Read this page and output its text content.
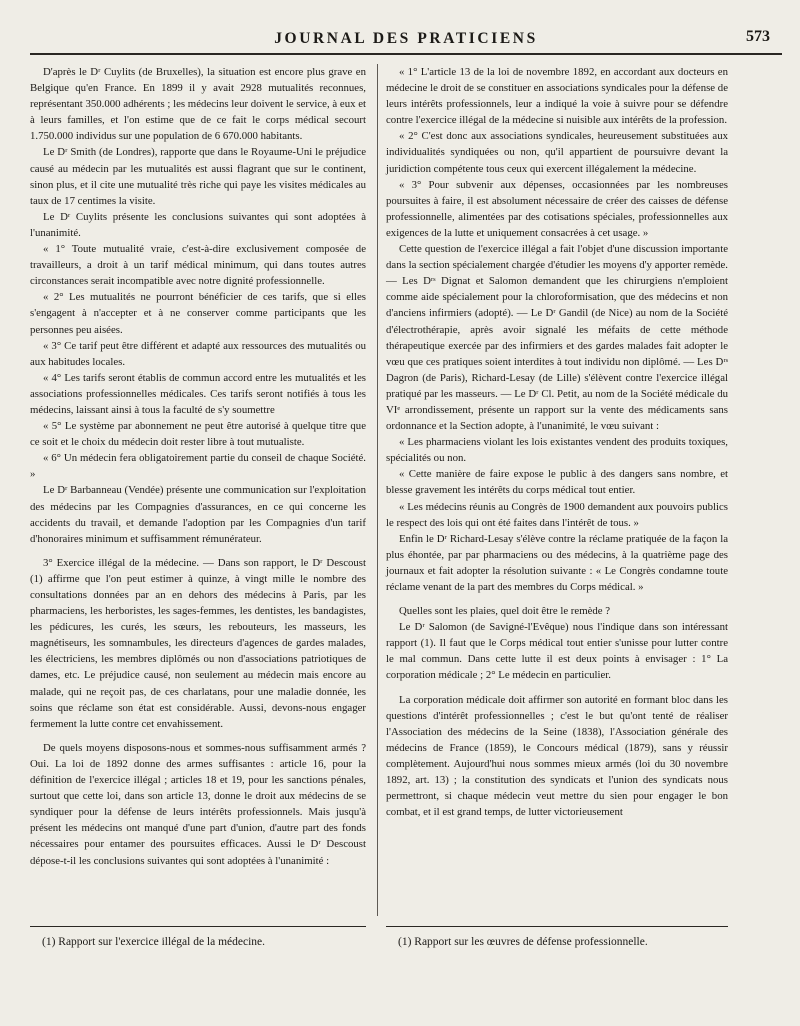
JOURNAL DES PRATICIENS	573

D'après le Dʳ Cuylits (de Bruxelles), la situation est encore plus grave en Belgique qu'en France. En 1899 il y avait 2928 mutualités reconnues, représentant 350.000 adhérents ; les médecins leur doivent le service, à eux et à leurs familles, et l'on estime que de ce fait le corps médical secourt 1.750.000 individus sur une population de 6 670.000 habitants.

Le Dʳ Smith (de Londres), rapporte que dans le Royaume-Uni le préjudice causé au médecin par les mutualités est aussi flagrant que sur le continent, sinon plus, et il cite une mutualité très riche qui paye les visites médicales au taux de 17 centimes la visite.

Le Dʳ Cuylits présente les conclusions suivantes qui sont adoptées à l'unanimité.

« 1° Toute mutualité vraie, c'est-à-dire exclusivement composée de travailleurs, a droit à un tarif médical minimum, qui dans toutes autres circonstances serait incompatible avec notre dignité professionnelle.

« 2° Les mutualités ne pourront bénéficier de ces tarifs, que si elles s'engagent à n'accepter et à ne conserver comme participants que les personnes peu aisées.

« 3° Ce tarif peut être différent et adapté aux ressources des mutualités ou aux habitudes locales.

« 4° Les tarifs seront établis de commun accord entre les mutualités et les associations professionnelles médicales. Ces tarifs seront notifiés à tous les médecins, laissant ainsi à tous la faculté de s'y soumettre

« 5° Le système par abonnement ne peut être autorisé à quelque titre que ce soit et le choix du médecin doit rester libre à tout mutualiste.

« 6° Un médecin fera obligatoirement partie du conseil de chaque Société. »

Le Dʳ Barbanneau (Vendée) présente une communication sur l'exploitation des médecins par les Compagnies d'assurances, en ce qui concerne les accidents du travail, et demande l'adoption par les Compagnies d'un tarif d'honoraires minimum et suffisamment rémunérateur.

3° Exercice illégal de la médecine. — Dans son rapport, le Dʳ Descoust (1) affirme que l'on peut estimer à quinze, à vingt mille le nombre des consultations données par an en dehors des médecins à Paris, par les pharmaciens, les herboristes, les sages-femmes, les dentistes, les bandagistes, les pédicures, les curés, les sœurs, les rebouteurs, les masseurs, les magnétiseurs, les somnambules, les directeurs d'agences de gardes malades, les électriciens, les membres diplômés ou non d'associations patriotiques de dames, etc. Le préjudice causé, non seulement au médecin mais encore au malade, qui ne reçoit pas, de ces charlatans, pour une maladie donnée, les soins que réclame son état est considérable. Aussi, devons-nous engager fermement la lutte contre cet envahissement.

De quels moyens disposons-nous et sommes-nous suffisamment armés ? Oui. La loi de 1892 donne des armes suffisantes : article 16, pour la définition de l'exercice illégal ; articles 18 et 19, pour les sanctions pénales, surtout que cette loi, dans son article 13, donne le droit aux médecins de se syndiquer pour la défense de leurs intérêts professionnels. Mais jusqu'à présent les médecins ont manqué d'une part d'union, d'autre part des fonds nécessaires pour entamer des poursuites efficaces. Aussi le Dʳ Descoust dépose-t-il les conclusions suivantes qui sont adoptées à l'unanimité :

« 1° L'article 13 de la loi de novembre 1892, en accordant aux docteurs en médecine le droit de se constituer en associations syndicales pour la défense de leurs intérêts professionnels, leur a indiqué la voie à suivre pour se défendre contre l'exercice illégal de la médecine si nuisible aux intérêts de la profession.

« 2° C'est donc aux associations syndicales, heureusement substituées aux individualités syndiquées ou non, qu'il appartient de poursuivre devant la juridiction compétente tous ceux qui exercent illégalement la médecine.

« 3° Pour subvenir aux dépenses, occasionnées par les nombreuses poursuites à faire, il est absolument nécessaire de créer des caisses de défense professionnelle, alimentées par des cotisations spéciales, professionnelles aux exigences de la lutte et uniquement consacrées à cet usage. »

Cette question de l'exercice illégal a fait l'objet d'une discussion importante dans la section spécialement chargée d'étudier les moyens d'y apporter remède. — Les Dʳˢ Dignat et Salomon demandent que les chirurgiens n'emploient comme aide spécialement pour la chloroformisation, que des médecins et non d'anciens infirmiers (adopté). — Le Dʳ Gandil (de Nice) au nom de la Société d'électrothérapie, après avoir signalé les méfaits de cette méthode thérapeutique exercée par des infirmiers et des gardes malades fait adopter le vœu que ces pratiques soient interdites à tout individu non diplômé. — Les Dʳˢ Dagron (de Paris), Richard-Lesay (de Lille) s'élèvent contre l'exercice illégal pratiqué par les masseurs. — Le Dʳ Cl. Petit, au nom de la Société médicale du VIᵉ arrondissement, présente un rapport sur la vente des médicaments sans ordonnance et la Section adopte, à l'unanimité, le vœu suivant :

« Les pharmaciens violant les lois existantes vendent des produits toxiques, spécialités ou non.

« Cette manière de faire expose le public à des dangers sans nombre, et blesse gravement les intérêts du corps médical tout entier.

« Les médecins réunis au Congrès de 1900 demandent aux pouvoirs publics le respect des lois qui ont été faites dans l'intérêt de tous. »

Enfin le Dʳ Richard-Lesay s'élève contre la réclame pratiquée de la façon la plus éhontée, par par pharmaciens ou des médecins, à la quatrième page des journaux et fait adopter la résolution suivante : « Le Congrès condamne toute réclame venant de la part des membres du Corps médical. »

Quelles sont les plaies, quel doit être le remède ?

Le Dʳ Salomon (de Savigné-l'Evêque) nous l'indique dans son intéressant rapport (1). Il faut que le Corps médical tout entier s'unisse pour lutter contre le mal commun. Dans cette lutte il est deux points à envisager : 1° La corporation médicale ; 2° Le médecin en particulier.

La corporation médicale doit affirmer son autorité en formant bloc dans les questions d'intérêt professionnelles ; c'est le but qu'ont tenté de réaliser l'Association des médecins de la Seine (1838), l'Association générale des médecins de France (1859), le Concours médical (1879), sans y réussir complètement. Aujourd'hui nous sommes mieux armés (loi du 30 novembre 1892, art. 13) ; la constitution des syndicats et l'union des syndicats nous permettront, si chaque médecin veut mettre du sien pour engager le bon combat, et il est grand temps, de lutter victorieusement

(1) Rapport sur l'exercice illégal de la médecine.	(1) Rapport sur les œuvres de défense professionnelle.
